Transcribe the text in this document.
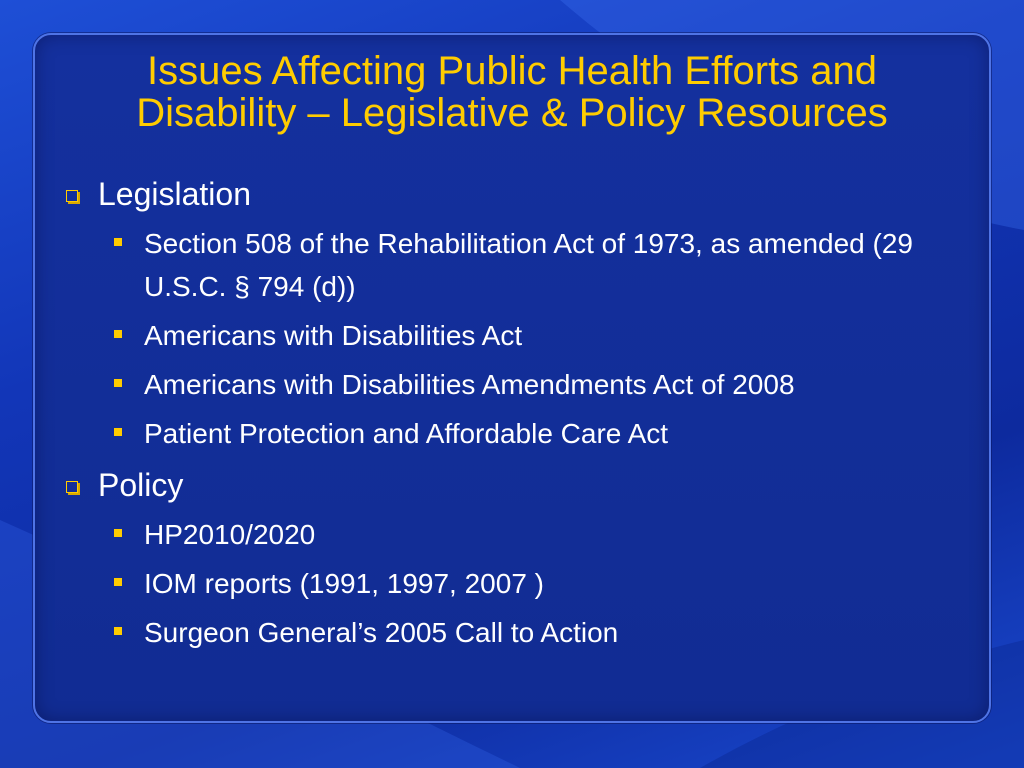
Issues Affecting Public Health Efforts and
Disability – Legislative & Policy Resources
Legislation
Section 508 of the Rehabilitation Act of 1973, as amended (29 U.S.C. § 794 (d))
Americans with Disabilities Act
Americans with Disabilities Amendments Act of 2008
Patient Protection and Affordable Care Act
Policy
HP2010/2020
IOM reports (1991, 1997, 2007 )
Surgeon General’s 2005 Call to Action
